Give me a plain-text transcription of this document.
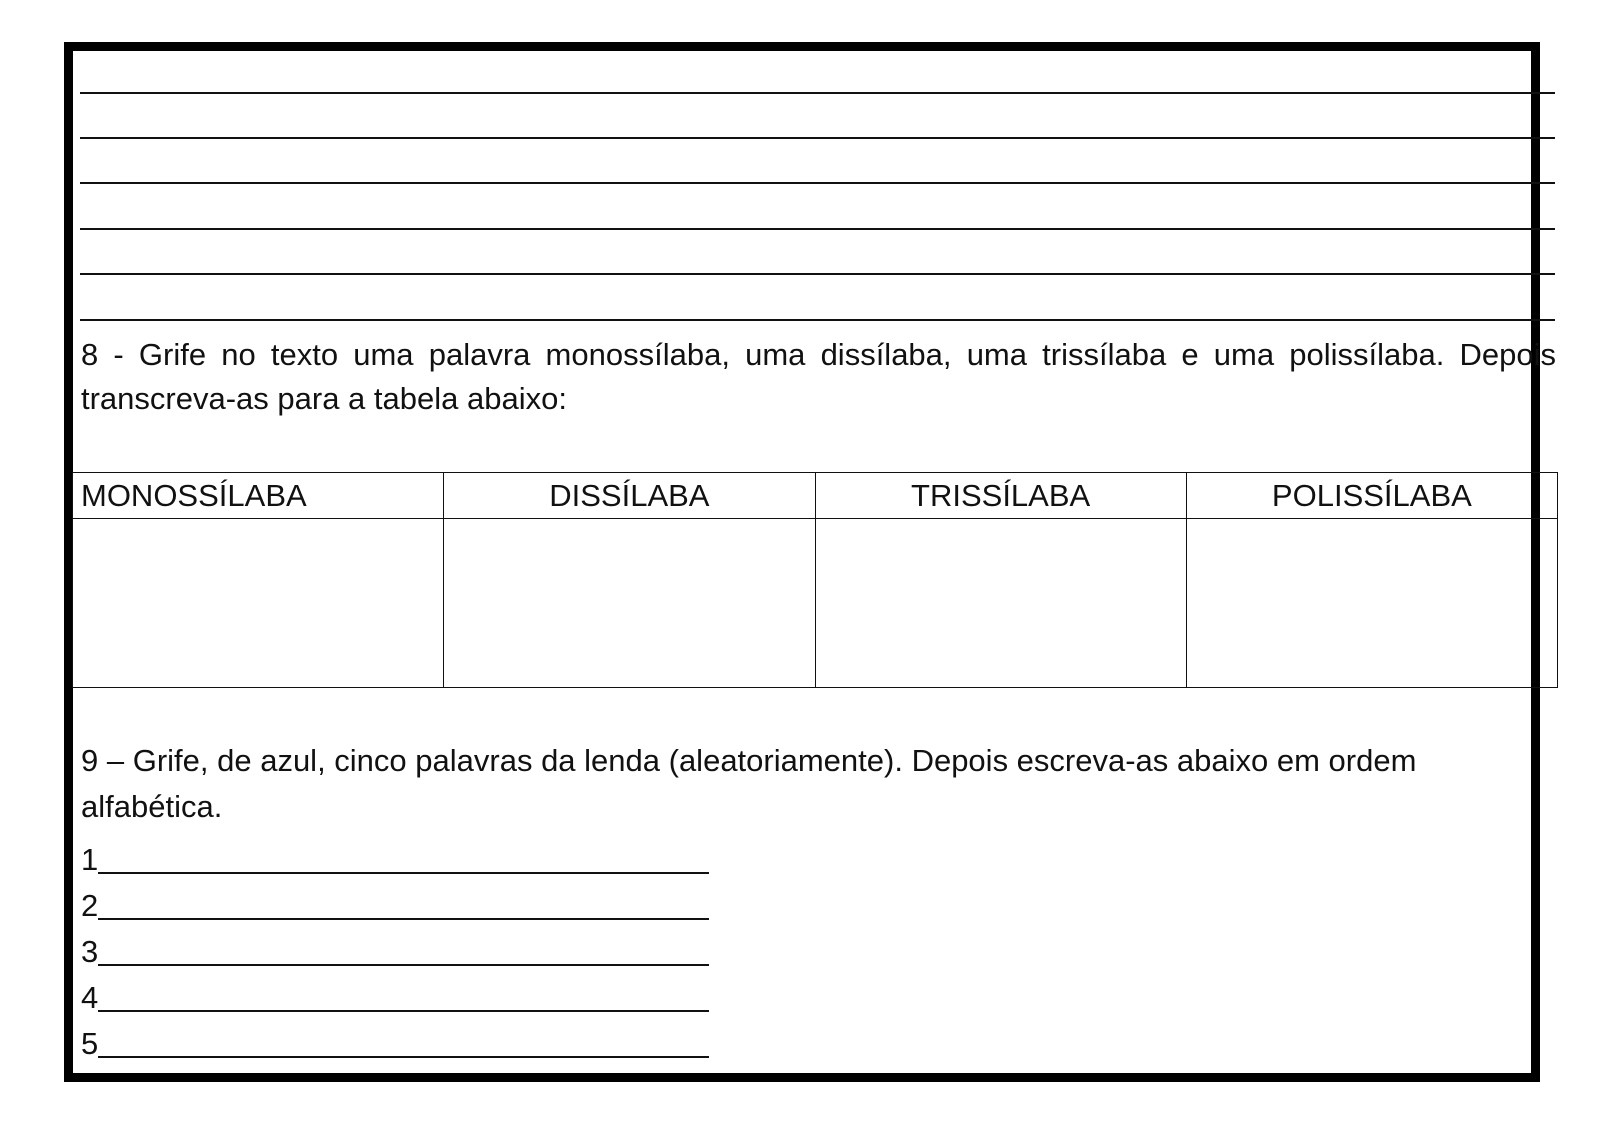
8 - Grife no texto uma palavra monossílaba, uma dissílaba, uma trissílaba e uma polissílaba. Depois transcreva-as para a tabela abaixo:

MONOSSÍLABA	DISSÍLABA	TRISSÍLABA	POLISSÍLABA

9 – Grife, de azul, cinco palavras da lenda (aleatoriamente). Depois escreva-as abaixo em ordem alfabética.

1
2
3
4
5
